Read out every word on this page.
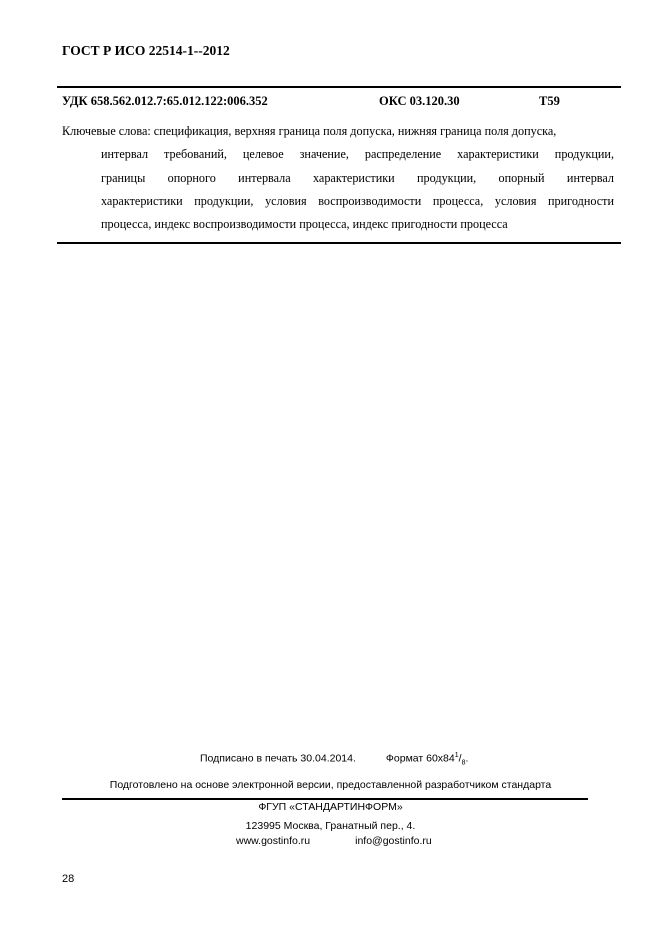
ГОСТ Р ИСО 22514-1--2012
УДК 658.562.012.7:65.012.122:006.352	ОКС 03.120.30	Т59
Ключевые слова: спецификация, верхняя граница поля допуска, нижняя граница поля допуска,
интервал требований, целевое значение, распределение характеристики продукции,
границы опорного интервала характеристики продукции, опорный интервал
характеристики продукции, условия воспроизводимости процесса, условия пригодности
процесса, индекс воспроизводимости процесса, индекс пригодности процесса
Подписано в печать 30.04.2014.	Формат $60х84^1/_8$.
Подготовлено на основе электронной версии, предоставленной разработчиком стандарта
ФГУП «СТАНДАРТИНФОРМ»
123995 Москва, Гранатный пер., 4.
www.gostinfo.ru	info@gostinfo.ru
28
